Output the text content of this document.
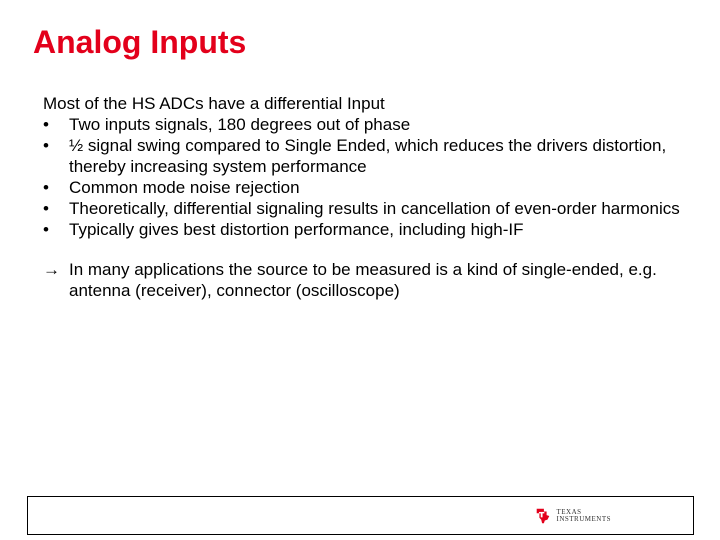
Analog Inputs

Most of the HS ADCs have a differential Input

• Two inputs signals, 180 degrees out of phase
• ½ signal swing compared to Single Ended, which reduces the drivers distortion, thereby increasing system performance
• Common mode noise rejection
• Theoretically, differential signaling results in cancellation of even-order harmonics
• Typically gives best distortion performance, including high-IF
→ In many applications the source to be measured is a kind of single-ended, e.g. antenna (receiver), connector (oscilloscope)
TEXAS
INSTRUMENTS
